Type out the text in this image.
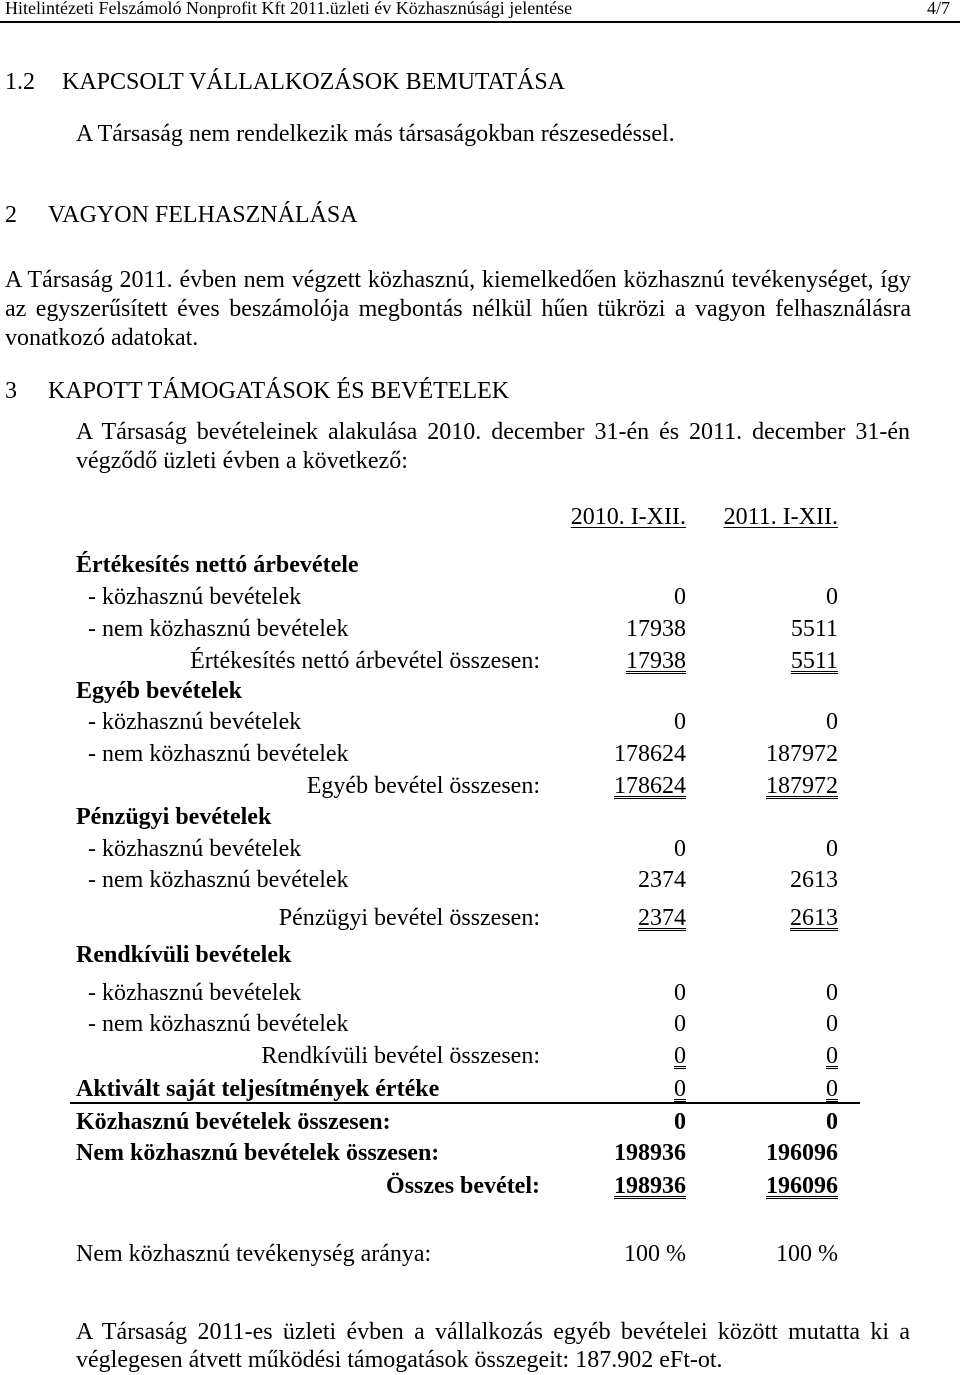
Hitelintézeti Felszámoló Nonprofit Kft 2011.üzleti év Közhasznúsági jelentése	4/7
1.2 KAPCSOLT VÁLLALKOZÁSOK BEMUTATÁSA
A Társaság nem rendelkezik más társaságokban részesedéssel.
2 VAGYON FELHASZNÁLÁSA

A Társaság 2011. évben nem végzett közhasznú, kiemelkedően közhasznú tevékenységet, így az egyszerűsített éves beszámolója megbontás nélkül hűen tükrözi a vagyon felhasználásra vonatkozó adatokat.

3 KAPOTT TÁMOGATÁSOK ÉS BEVÉTELEK

A Társaság bevételeinek alakulása 2010. december 31-én és 2011. december 31-én végződő üzleti évben a következő:

2010. I-XII. 2011. I-XII.
Értékesítés nettó árbevétele
- közhasznú bevételek	0	0
- nem közhasznú bevételek	17938	5511
Értékesítés nettó árbevétel összesen:	17938	5511
Egyéb bevételek
- közhasznú bevételek	0	0
- nem közhasznú bevételek	178624	187972
Egyéb bevétel összesen:	178624	187972
Pénzügyi bevételek
- közhasznú bevételek	0	0
- nem közhasznú bevételek	2374	2613
Pénzügyi bevétel összesen:	2374	2613
Rendkívüli bevételek
- közhasznú bevételek	0	0
- nem közhasznú bevételek	0	0
Rendkívüli bevétel összesen:	0	0
Aktivált saját teljesítmények értéke	0	0
Közhasznú bevételek összesen:	0	0
Nem közhasznú bevételek összesen:	198936	196096
Összes bevétel:	198936	196096
Nem közhasznú tevékenység aránya:	100 %	100 %

A Társaság 2011-es üzleti évben a vállalkozás egyéb bevételei között mutatta ki a véglegesen átvett működési támogatások összegeit: 187.902 eFt-ot.
